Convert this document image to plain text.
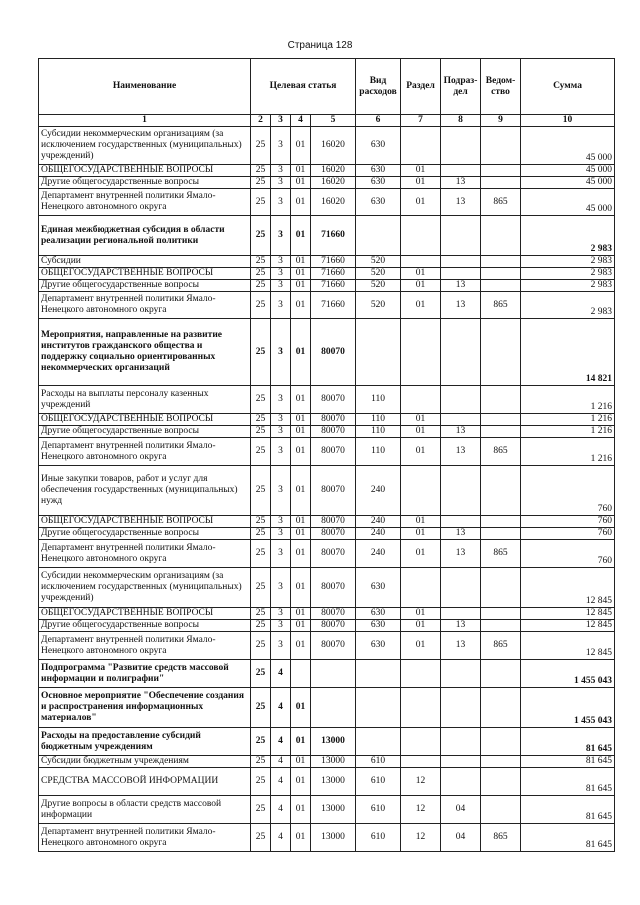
Страница 128
Наименование	Целевая статья				Вид расходов	Раздел	Подраз-дел	Ведом-ство	Сумма
1	2	3	4	5	6	7	8	9	10
Субсидии некоммерческим организациям (за исключением государственных (муниципальных) учреждений)	25	3	01	16020	630				45 000
ОБЩЕГОСУДАРСТВЕННЫЕ ВОПРОСЫ	25	3	01	16020	630	01			45 000
Другие общегосударственные вопросы	25	3	01	16020	630	01	13		45 000
Департамент внутренней политики Ямало-Ненецкого автономного округа	25	3	01	16020	630	01	13	865	45 000
Единая межбюджетная субсидия в области реализации региональной политики	25	3	01	71660					2 983
Субсидии	25	3	01	71660	520				2 983
ОБЩЕГОСУДАРСТВЕННЫЕ ВОПРОСЫ	25	3	01	71660	520	01			2 983
Другие общегосударственные вопросы	25	3	01	71660	520	01	13		2 983
Департамент внутренней политики Ямало-Ненецкого автономного округа	25	3	01	71660	520	01	13	865	2 983
Мероприятия, направленные на развитие институтов гражданского общества и поддержку социально ориентированных некоммерческих организаций	25	3	01	80070					14 821
Расходы на выплаты персоналу казенных учреждений	25	3	01	80070	110				1 216
ОБЩЕГОСУДАРСТВЕННЫЕ ВОПРОСЫ	25	3	01	80070	110	01			1 216
Другие общегосударственные вопросы	25	3	01	80070	110	01	13		1 216
Департамент внутренней политики Ямало-Ненецкого автономного округа	25	3	01	80070	110	01	13	865	1 216
Иные закупки товаров, работ и услуг для обеспечения государственных (муниципальных) нужд	25	3	01	80070	240				760
ОБЩЕГОСУДАРСТВЕННЫЕ ВОПРОСЫ	25	3	01	80070	240	01			760
Другие общегосударственные вопросы	25	3	01	80070	240	01	13		760
Департамент внутренней политики Ямало-Ненецкого автономного округа	25	3	01	80070	240	01	13	865	760
Субсидии некоммерческим организациям (за исключением государственных (муниципальных) учреждений)	25	3	01	80070	630				12 845
ОБЩЕГОСУДАРСТВЕННЫЕ ВОПРОСЫ	25	3	01	80070	630	01			12 845
Другие общегосударственные вопросы	25	3	01	80070	630	01	13		12 845
Департамент внутренней политики Ямало-Ненецкого автономного округа	25	3	01	80070	630	01	13	865	12 845
Подпрограмма "Развитие средств массовой информации и полиграфии"	25	4							1 455 043
Основное мероприятие "Обеспечение создания и распространения информационных материалов"	25	4	01						1 455 043
Расходы на предоставление субсидий бюджетным учреждениям	25	4	01	13000					81 645
Субсидии бюджетным учреждениям	25	4	01	13000	610				81 645
СРЕДСТВА МАССОВОЙ ИНФОРМАЦИИ	25	4	01	13000	610	12			81 645
Другие вопросы в области средств массовой информации	25	4	01	13000	610	12	04		81 645
Департамент внутренней политики Ямало-Ненецкого автономного округа	25	4	01	13000	610	12	04	865	81 645
